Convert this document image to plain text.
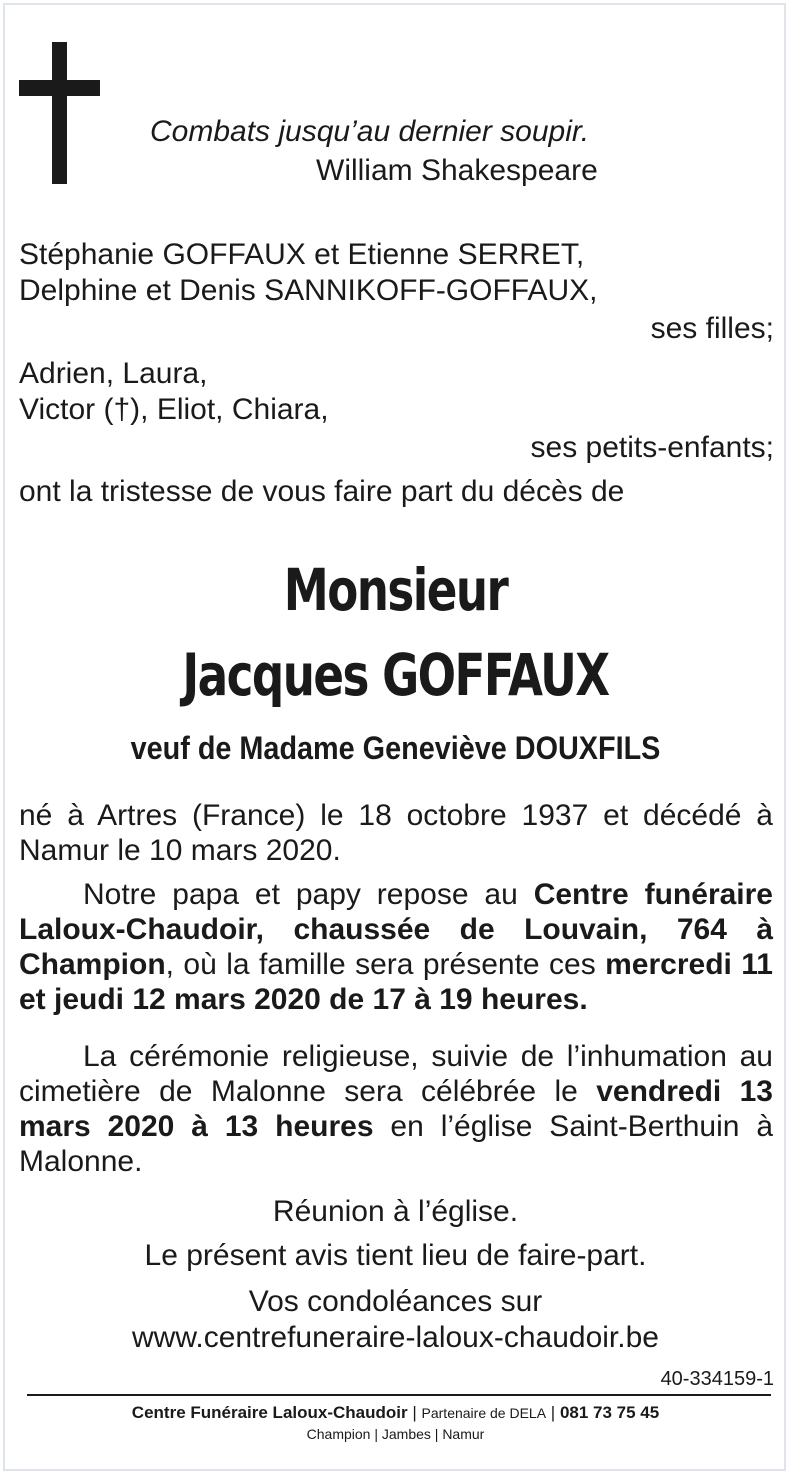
Combats jusqu’au dernier soupir.
William Shakespeare
Stéphanie GOFFAUX et Etienne SERRET,
Delphine et Denis SANNIKOFF-GOFFAUX,
ses filles;
Adrien, Laura,
Victor (†), Eliot, Chiara,
ses petits-enfants;
ont la tristesse de vous faire part du décès de
Monsieur
Jacques GOFFAUX
veuf de Madame Geneviève DOUXFILS
né à Artres (France) le 18 octobre 1937 et décédé à Namur le 10 mars 2020.
Notre papa et papy repose au Centre funéraire Laloux-Chaudoir, chaussée de Louvain, 764 à Champion, où la famille sera présente ces mercredi 11 et jeudi 12 mars 2020 de 17 à 19 heures.
La cérémonie religieuse, suivie de l’inhumation au cimetière de Malonne sera célébrée le vendredi 13 mars 2020 à 13 heures en l’église Saint-Berthuin à Malonne.
Réunion à l’église.
Le présent avis tient lieu de faire-part.
Vos condoléances sur
www.centrefuneraire-laloux-chaudoir.be
40-334159-1
Centre Funéraire Laloux-Chaudoir | Partenaire de DELA | 081 73 75 45
Champion | Jambes | Namur
